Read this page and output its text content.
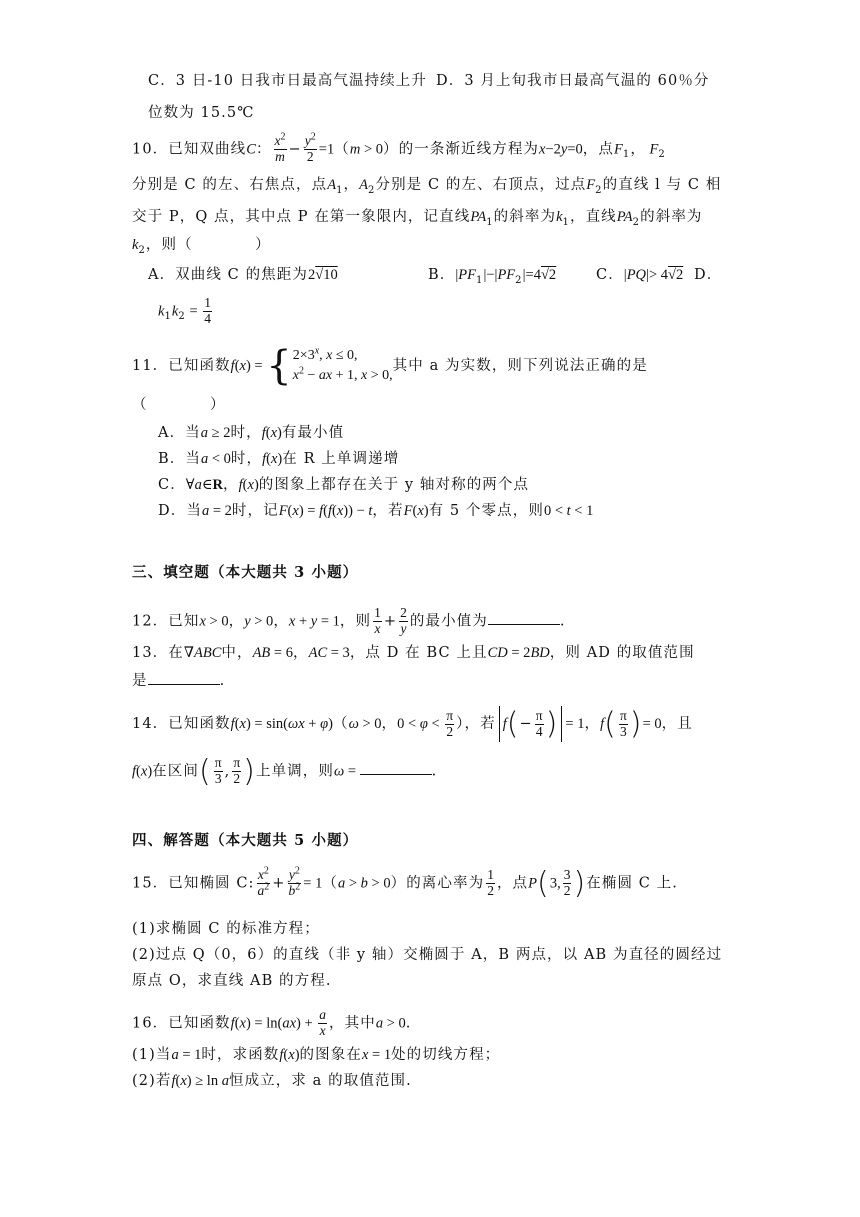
C．3 日-10 日我市日最高气温持续上升 D．3 月上旬我市日最高气温的 60％分
位数为 15.5℃
10．已知双曲线C： $\frac{x^2}{m} - \frac{y^2}{2} =1(m > 0)$的一条渐近线方程为x−2y=0，点$F_1$， $F_2$
分别是 C 的左、右焦点，点$A_1$，$A_2$分别是 C 的左、右顶点，过点$F_2$的直线 l 与 C 相
交于 P，Q 点，其中点 P 在第一象限内，记直线$PA_1$的斜率为$k_1$，直线$PA_2$的斜率为
$k_2$，则（　　　　）
A．双曲线 C 的焦距为2√10	B．$|PF_1|-|PF_2|=4√2$	C．|PQ|> 4√2 D．
$k_1k_2 = \frac{1}{4}$
11．已知函数f(x) = { $2\times 3^x$, x ≤ 0,
$x^2$ − ax + 1, x > 0,
其中 a 为实数，则下列说法正确的是
（　　　　）
A．当a ≥ 2时，f(x)有最小值
B．当a < 0时，f(x)在 R 上单调递增
C．∀a∈R，f(x)的图象上都存在关于 y 轴对称的两个点
D．当a = 2时，记F(x) = f(f(x)) − t，若F(x)有 5 个零点，则0 < t < 1
三、填空题（本大题共 3 小题）
12．已知x > 0，y > 0，x + y = 1，则 $\frac{1}{x} + \frac{2}{y}$ 的最小值为	.
13．在∇ABC中，AB = 6，AC = 3，点 D 在 BC 上且CD = 2BD，则 AD 的取值范围
是	.
14．已知函数f(x) = sin(ωx + φ)（ω > 0，$0 < \varphi < \frac{\pi}{2}$ ），若 $f(- \frac{\pi}{4}$ ) = 1，$f( \frac{\pi}{3}$ )= 0，且
f(x)在区间( $\frac{\pi}{3}$ , $\frac{\pi}{2}$ )上单调，则ω =	.
四、解答题（本大题共 5 小题）
15．已知椭圆 C: $\frac{x^2}{a^2} + \frac{y^2}{b^2} = 1(a > b > 0)$的离心率为 $\frac{1}{2}$ ，点P(3, $\frac{3}{2}$ )在椭圆 C 上.
(1)求椭圆 C 的标准方程；
(2)过点 Q（0，6）的直线（非 y 轴）交椭圆于 A，B 两点，以 AB 为直径的圆经过
原点 O，求直线 AB 的方程.
16．已知函数$f(x) = \ln(ax) + \frac{a}{x}$ ，其中a > 0.
(1)当a = 1时，求函数f(x)的图象在x = 1处的切线方程；
(2)若f(x) ≥ ln a恒成立，求 a 的取值范围.
